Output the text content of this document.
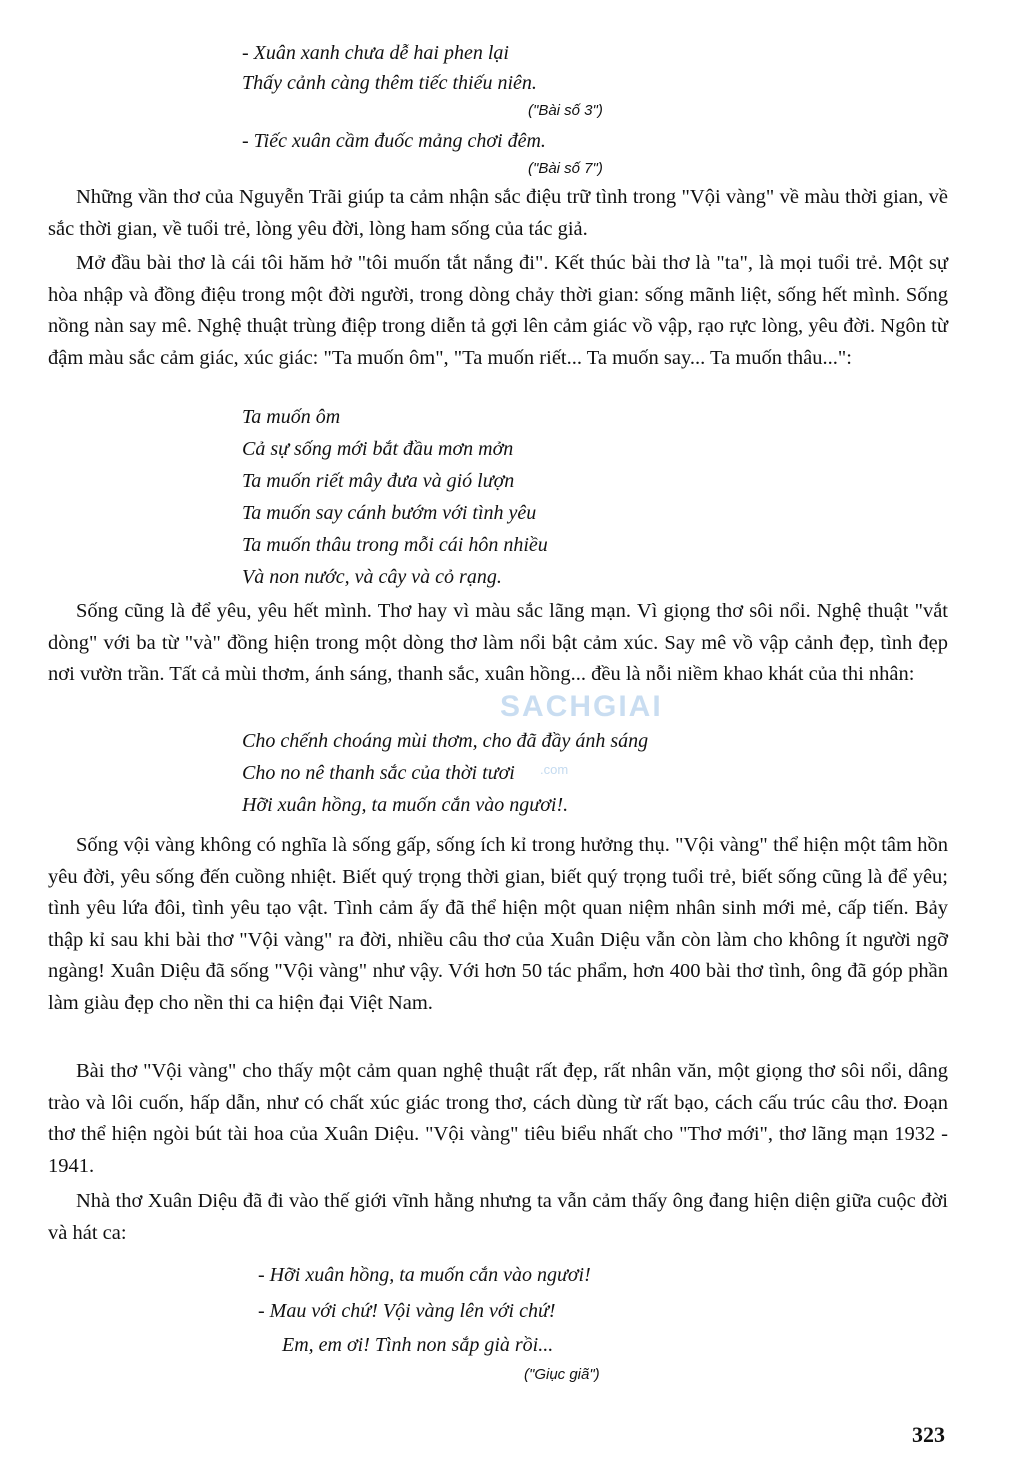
- Xuân xanh chưa dễ hai phen lại
Thấy cảnh càng thêm tiếc thiếu niên.
("Bài số 3")
- Tiếc xuân cầm đuốc mảng chơi đêm.
("Bài số 7")
Những vần thơ của Nguyễn Trãi giúp ta cảm nhận sắc điệu trữ tình trong "Vội vàng" về màu thời gian, về sắc thời gian, về tuổi trẻ, lòng yêu đời, lòng ham sống của tác giả.
Mở đầu bài thơ là cái tôi hăm hở "tôi muốn tắt nắng đi". Kết thúc bài thơ là "ta", là mọi tuổi trẻ. Một sự hòa nhập và đồng điệu trong một đời người, trong dòng chảy thời gian: sống mãnh liệt, sống hết mình. Sống nồng nàn say mê. Nghệ thuật trùng điệp trong diễn tả gợi lên cảm giác vồ vập, rạo rực lòng, yêu đời. Ngôn từ đậm màu sắc cảm giác, xúc giác: "Ta muốn ôm", "Ta muốn riết... Ta muốn say... Ta muốn thâu...":
Ta muốn ôm
Cả sự sống mới bắt đầu mơn mởn
Ta muốn riết mây đưa và gió lượn
Ta muốn say cánh bướm với tình yêu
Ta muốn thâu trong mỗi cái hôn nhiều
Và non nước, và cây và cỏ rạng.
Sống cũng là để yêu, yêu hết mình. Thơ hay vì màu sắc lãng mạn. Vì giọng thơ sôi nổi. Nghệ thuật "vắt dòng" với ba từ "và" đồng hiện trong một dòng thơ làm nổi bật cảm xúc. Say mê vồ vập cảnh đẹp, tình đẹp nơi vườn trần. Tất cả mùi thơm, ánh sáng, thanh sắc, xuân hồng... đều là nỗi niềm khao khát của thi nhân:
SACHGIAI
.com
Cho chếnh choáng mùi thơm, cho đã đầy ánh sáng
Cho no nê thanh sắc của thời tươi
Hỡi xuân hồng, ta muốn cắn vào ngươi!.
Sống vội vàng không có nghĩa là sống gấp, sống ích kỉ trong hưởng thụ. "Vội vàng" thể hiện một tâm hồn yêu đời, yêu sống đến cuồng nhiệt. Biết quý trọng thời gian, biết quý trọng tuổi trẻ, biết sống cũng là để yêu; tình yêu lứa đôi, tình yêu tạo vật. Tình cảm ấy đã thể hiện một quan niệm nhân sinh mới mẻ, cấp tiến. Bảy thập kỉ sau khi bài thơ "Vội vàng" ra đời, nhiều câu thơ của Xuân Diệu vẫn còn làm cho không ít người ngỡ ngàng! Xuân Diệu đã sống "Vội vàng" như vậy. Với hơn 50 tác phẩm, hơn 400 bài thơ tình, ông đã góp phần làm giàu đẹp cho nền thi ca hiện đại Việt Nam.
Bài thơ "Vội vàng" cho thấy một cảm quan nghệ thuật rất đẹp, rất nhân văn, một giọng thơ sôi nổi, dâng trào và lôi cuốn, hấp dẫn, như có chất xúc giác trong thơ, cách dùng từ rất bạo, cách cấu trúc câu thơ. Đoạn thơ thể hiện ngòi bút tài hoa của Xuân Diệu. "Vội vàng" tiêu biểu nhất cho "Thơ mới", thơ lãng mạn 1932 - 1941.
Nhà thơ Xuân Diệu đã đi vào thế giới vĩnh hằng nhưng ta vẫn cảm thấy ông đang hiện diện giữa cuộc đời và hát ca:
- Hỡi xuân hồng, ta muốn cắn vào ngươi!
- Mau với chứ! Vội vàng lên với chứ!
Em, em ơi! Tình non sắp già rồi...
("Giục giã")
323
